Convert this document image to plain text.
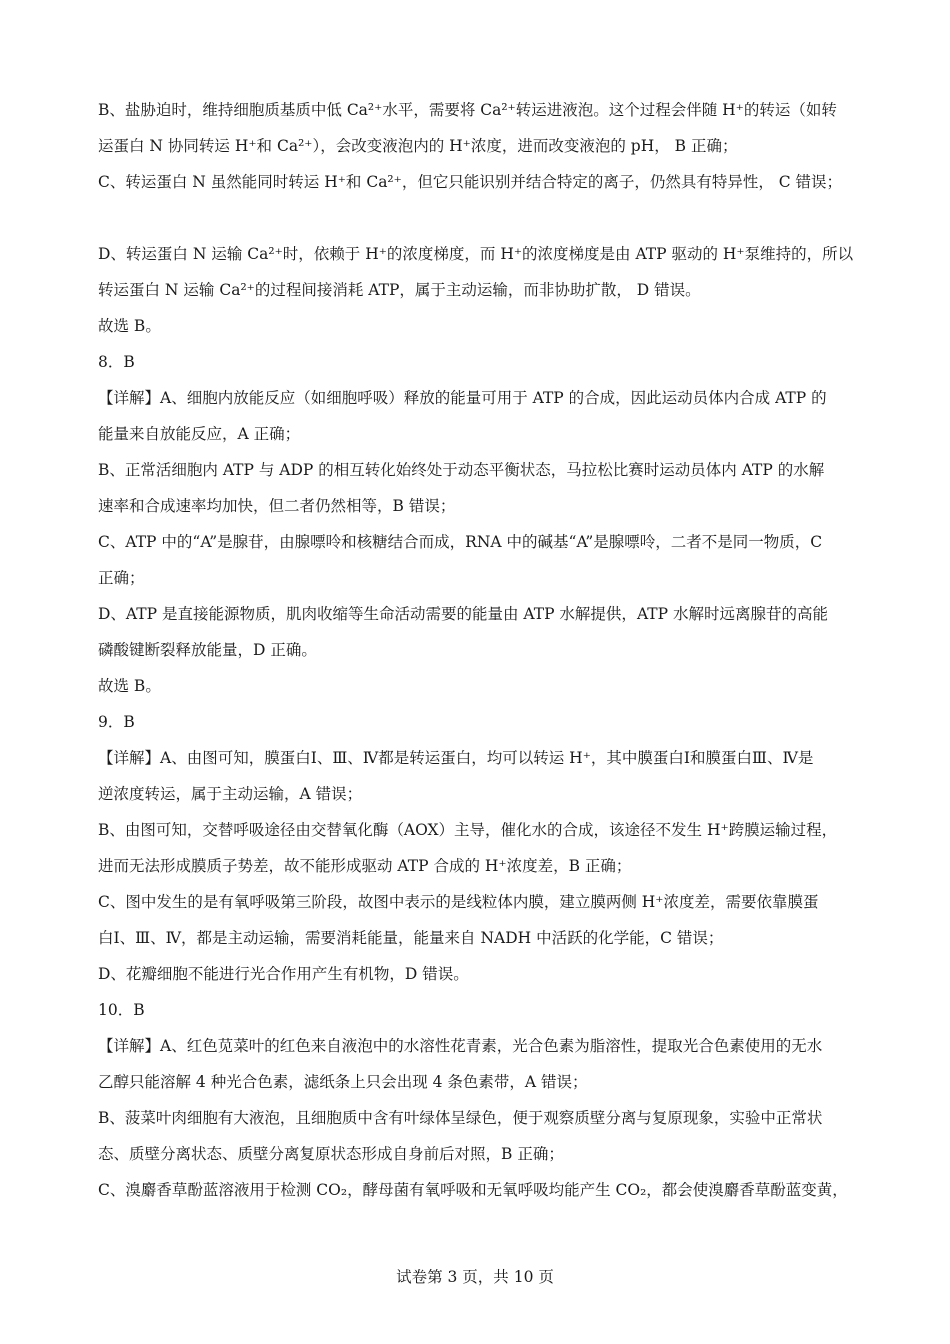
B、盐胁迫时，维持细胞质基质中低 Ca²⁺水平，需要将 Ca²⁺转运进液泡。这个过程会伴随 H⁺的转运（如转

运蛋白 N 协同转运 H⁺和 Ca²⁺），会改变液泡内的 H⁺浓度，进而改变液泡的 pH， B 正确；

C、转运蛋白 N 虽然能同时转运 H⁺和 Ca²⁺，但它只能识别并结合特定的离子，仍然具有特异性， C 错误；

D、转运蛋白 N 运输 Ca²⁺时，依赖于 H⁺的浓度梯度，而 H⁺的浓度梯度是由 ATP 驱动的 H⁺泵维持的，所以

转运蛋白 N 运输 Ca²⁺的过程间接消耗 ATP，属于主动运输，而非协助扩散， D 错误。

故选 B。

8．B

【详解】A、细胞内放能反应（如细胞呼吸）释放的能量可用于 ATP 的合成，因此运动员体内合成 ATP 的

能量来自放能反应，A 正确；

B、正常活细胞内 ATP 与 ADP 的相互转化始终处于动态平衡状态，马拉松比赛时运动员体内 ATP 的水解

速率和合成速率均加快，但二者仍然相等，B 错误；

C、ATP 中的“A”是腺苷，由腺嘌呤和核糖结合而成，RNA 中的碱基“A”是腺嘌呤，二者不是同一物质，C

正确；

D、ATP 是直接能源物质，肌肉收缩等生命活动需要的能量由 ATP 水解提供，ATP 水解时远离腺苷的高能

磷酸键断裂释放能量，D 正确。

故选 B。

9．B

【详解】A、由图可知，膜蛋白Ⅰ、Ⅲ、Ⅳ都是转运蛋白，均可以转运 H⁺，其中膜蛋白Ⅰ和膜蛋白Ⅲ、Ⅳ是

逆浓度转运，属于主动运输，A 错误；

B、由图可知，交替呼吸途径由交替氧化酶（AOX）主导，催化水的合成，该途径不发生 H⁺跨膜运输过程，

进而无法形成膜质子势差，故不能形成驱动 ATP 合成的 H⁺浓度差，B 正确；

C、图中发生的是有氧呼吸第三阶段，故图中表示的是线粒体内膜，建立膜两侧 H⁺浓度差，需要依靠膜蛋

白Ⅰ、Ⅲ、Ⅳ，都是主动运输，需要消耗能量，能量来自 NADH 中活跃的化学能，C 错误；

D、花瓣细胞不能进行光合作用产生有机物，D 错误。

10．B

【详解】A、红色苋菜叶的红色来自液泡中的水溶性花青素，光合色素为脂溶性，提取光合色素使用的无水

乙醇只能溶解 4 种光合色素，滤纸条上只会出现 4 条色素带，A 错误；

B、菠菜叶肉细胞有大液泡，且细胞质中含有叶绿体呈绿色，便于观察质壁分离与复原现象，实验中正常状

态、质壁分离状态、质壁分离复原状态形成自身前后对照，B 正确；

C、溴麝香草酚蓝溶液用于检测 CO₂，酵母菌有氧呼吸和无氧呼吸均能产生 CO₂，都会使溴麝香草酚蓝变黄，

试卷第 3 页，共 10 页
